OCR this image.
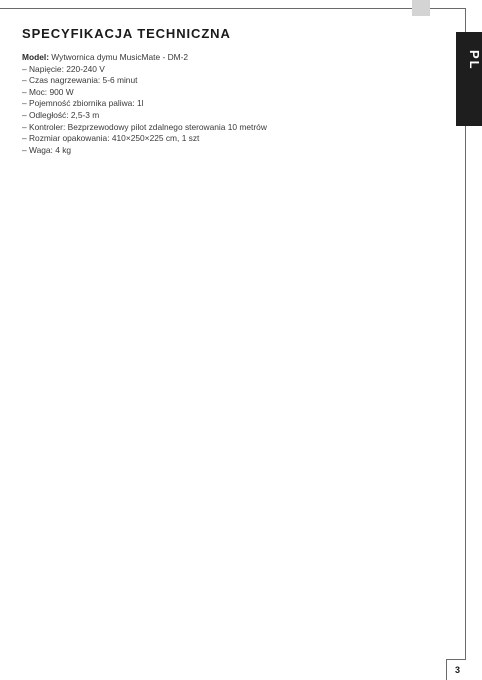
PL
SPECYFIKACJA TECHNICZNA
Model: Wytwornica dymu MusicMate - DM-2
– Napięcie: 220-240 V
– Czas nagrzewania: 5-6 minut
– Moc: 900 W
– Pojemność zbiornika paliwa: 1l
– Odległość: 2,5-3 m
– Kontroler: Bezprzewodowy pilot zdalnego sterowania 10 metrów
– Rozmiar opakowania: 410×250×225 cm, 1 szt
– Waga: 4 kg
3
